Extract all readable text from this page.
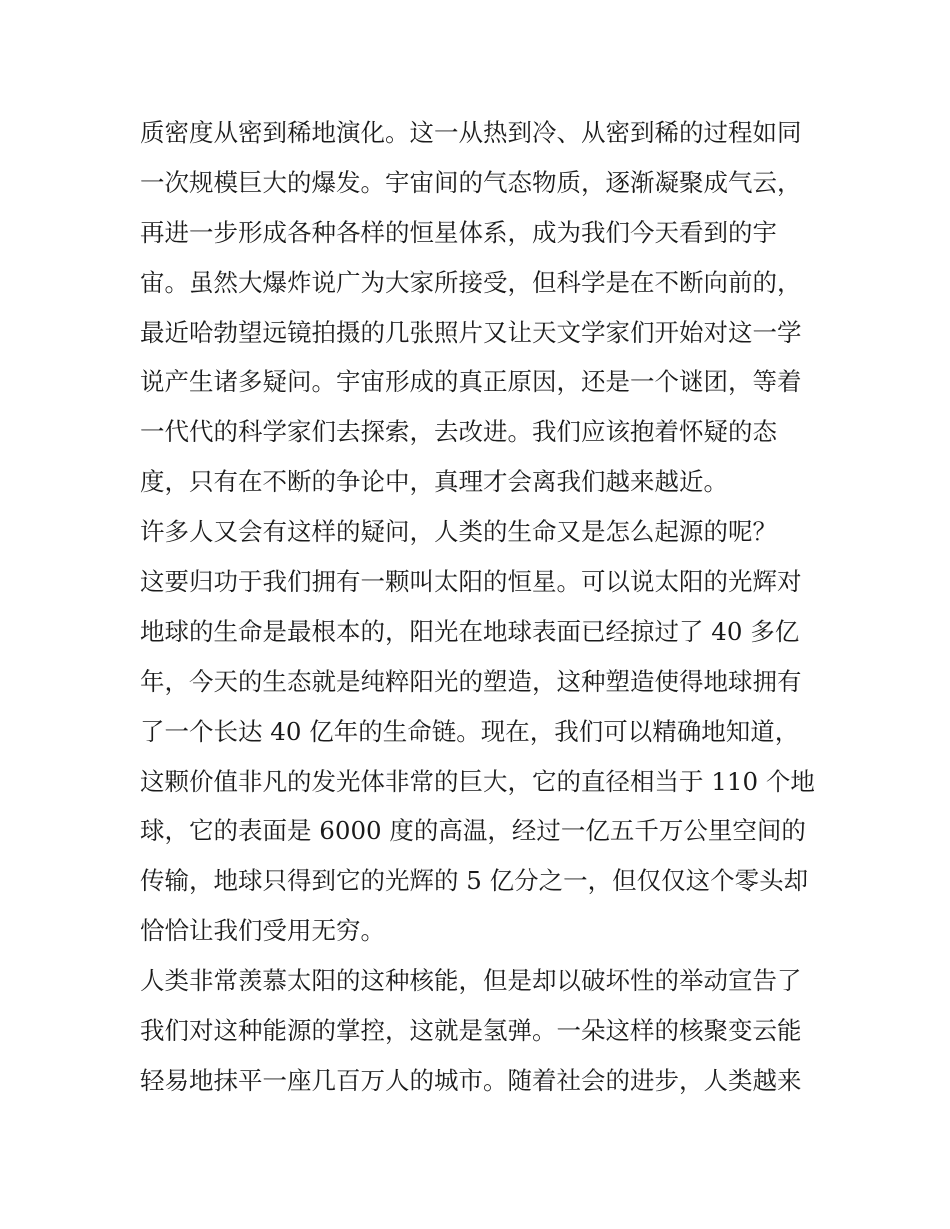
质密度从密到稀地演化。这一从热到冷、从密到稀的过程如同
一次规模巨大的爆发。宇宙间的气态物质，逐渐凝聚成气云，
再进一步形成各种各样的恒星体系，成为我们今天看到的宇
宙。虽然大爆炸说广为大家所接受，但科学是在不断向前的，
最近哈勃望远镜拍摄的几张照片又让天文学家们开始对这一学
说产生诸多疑问。宇宙形成的真正原因，还是一个谜团，等着
一代代的科学家们去探索，去改进。我们应该抱着怀疑的态
度，只有在不断的争论中，真理才会离我们越来越近。
许多人又会有这样的疑问，人类的生命又是怎么起源的呢？
这要归功于我们拥有一颗叫太阳的恒星。可以说太阳的光辉对
地球的生命是最根本的，阳光在地球表面已经掠过了 40 多亿
年，今天的生态就是纯粹阳光的塑造，这种塑造使得地球拥有
了一个长达 40 亿年的生命链。现在，我们可以精确地知道，
这颗价值非凡的发光体非常的巨大，它的直径相当于 110 个地
球，它的表面是 6000 度的高温，经过一亿五千万公里空间的
传输，地球只得到它的光辉的 5 亿分之一，但仅仅这个零头却
恰恰让我们受用无穷。
人类非常羡慕太阳的这种核能，但是却以破坏性的举动宣告了
我们对这种能源的掌控，这就是氢弹。一朵这样的核聚变云能
轻易地抹平一座几百万人的城市。随着社会的进步，人类越来
